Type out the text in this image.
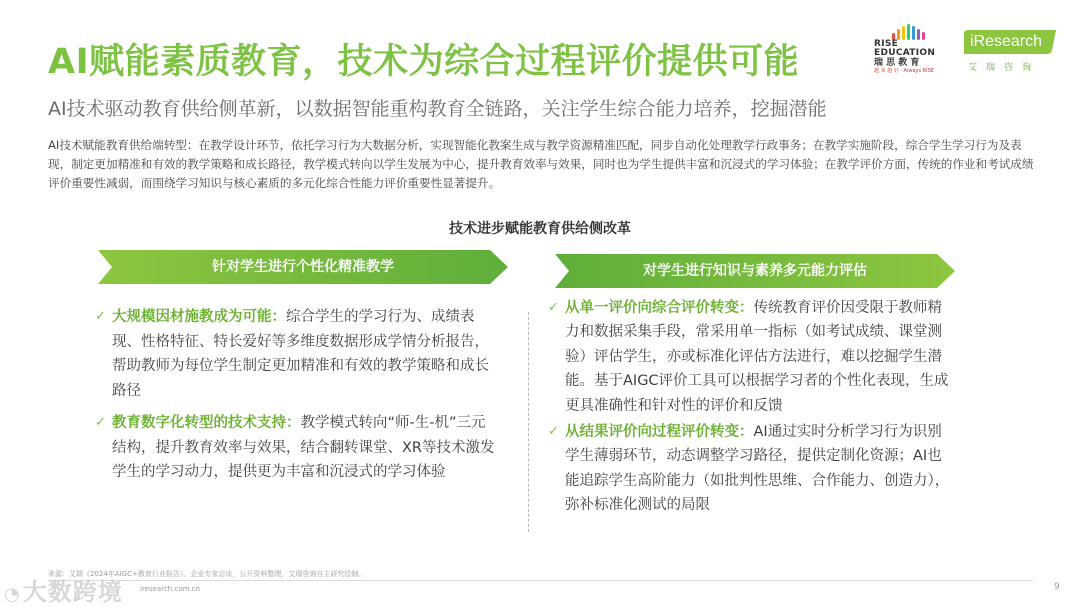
AI赋能素质教育，技术为综合过程评价提供可能
AI技术驱动教育供给侧革新，以数据智能重构教育全链路，关注学生综合能力培养，挖掘潜能
AI技术赋能教育供给端转型：在教学设计环节，依托学习行为大数据分析，实现智能化教案生成与教学资源精准匹配，同步自动化处理教学行政事务；在教学实施阶段，综合学生学习行为及表现，制定更加精准和有效的教学策略和成长路径，教学模式转向以学生发展为中心，提升教育效率与效果，同时也为学生提供丰富和沉浸式的学习体验；在教学评价方面，传统的作业和考试成绩评价重要性减弱，而围绕学习知识与核心素质的多元化综合性能力评价重要性显著提升。
RISE
EDUCATION
瑞 思 教 育
越 来 越 好 · Always RISE
iResearch
艾瑞咨询
技术进步赋能教育供给侧改革
针对学生进行个性化精准教学	对学生进行知识与素养多元能力评估
✓ 大规模因材施教成为可能：综合学生的学习行为、成绩表现、性格特征、特长爱好等多维度数据形成学情分析报告，帮助教师为每位学生制定更加精准和有效的教学策略和成长路径
✓ 教育数字化转型的技术支持：教学模式转向“师-生-机”三元结构，提升教育效率与效果，结合翻转课堂、XR等技术激发学生的学习动力，提供更为丰富和沉浸式的学习体验
✓ 从单一评价向综合评价转变：传统教育评价因受限于教师精力和数据采集手段，常采用单一指标（如考试成绩、课堂测验）评估学生，亦或标准化评估方法进行，难以挖掘学生潜能。基于AIGC评价工具可以根据学习者的个性化表现，生成更具准确性和针对性的评价和反馈
✓ 从结果评价向过程评价转变：AI通过实时分析学习行为识别学生薄弱环节，动态调整学习路径，提供定制化资源；AI也能追踪学生高阶能力（如批判性思维、合作能力、创造力），弥补标准化测试的局限
来源：艾瑞《2024年AIGC+教育行业报告》，企业专家访谈，公开资料整理，艾瑞咨询自主研究绘制。
iresearch.com.cn	9
◔大数跨境
